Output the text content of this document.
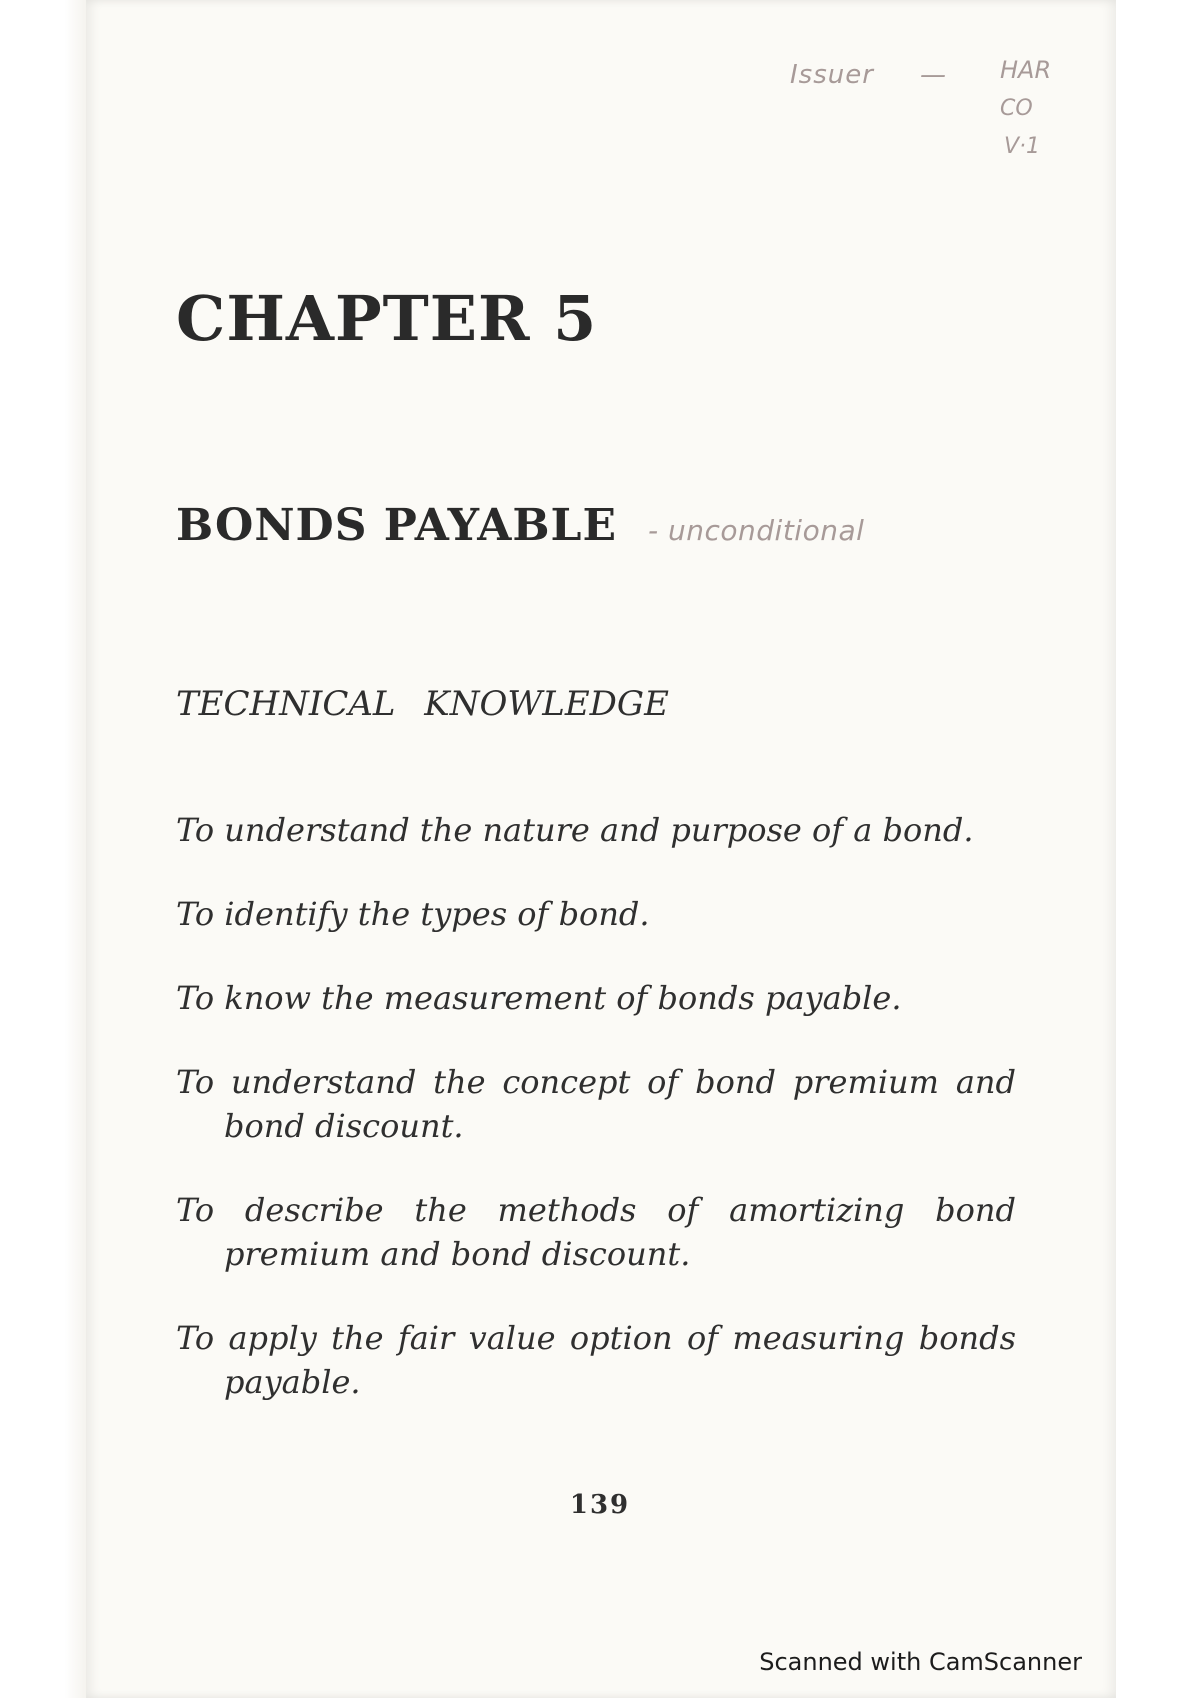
Issuer — HAR
CO
V·1
CHAPTER 5
BONDS PAYABLE - unconditional
TECHNICAL KNOWLEDGE
To understand the nature and purpose of a bond.
To identify the types of bond.
To know the measurement of bonds payable.
To understand the concept of bond premium and bond discount.
To describe the methods of amortizing bond premium and bond discount.
To apply the fair value option of measuring bonds payable.
139
Scanned with CamScanner
